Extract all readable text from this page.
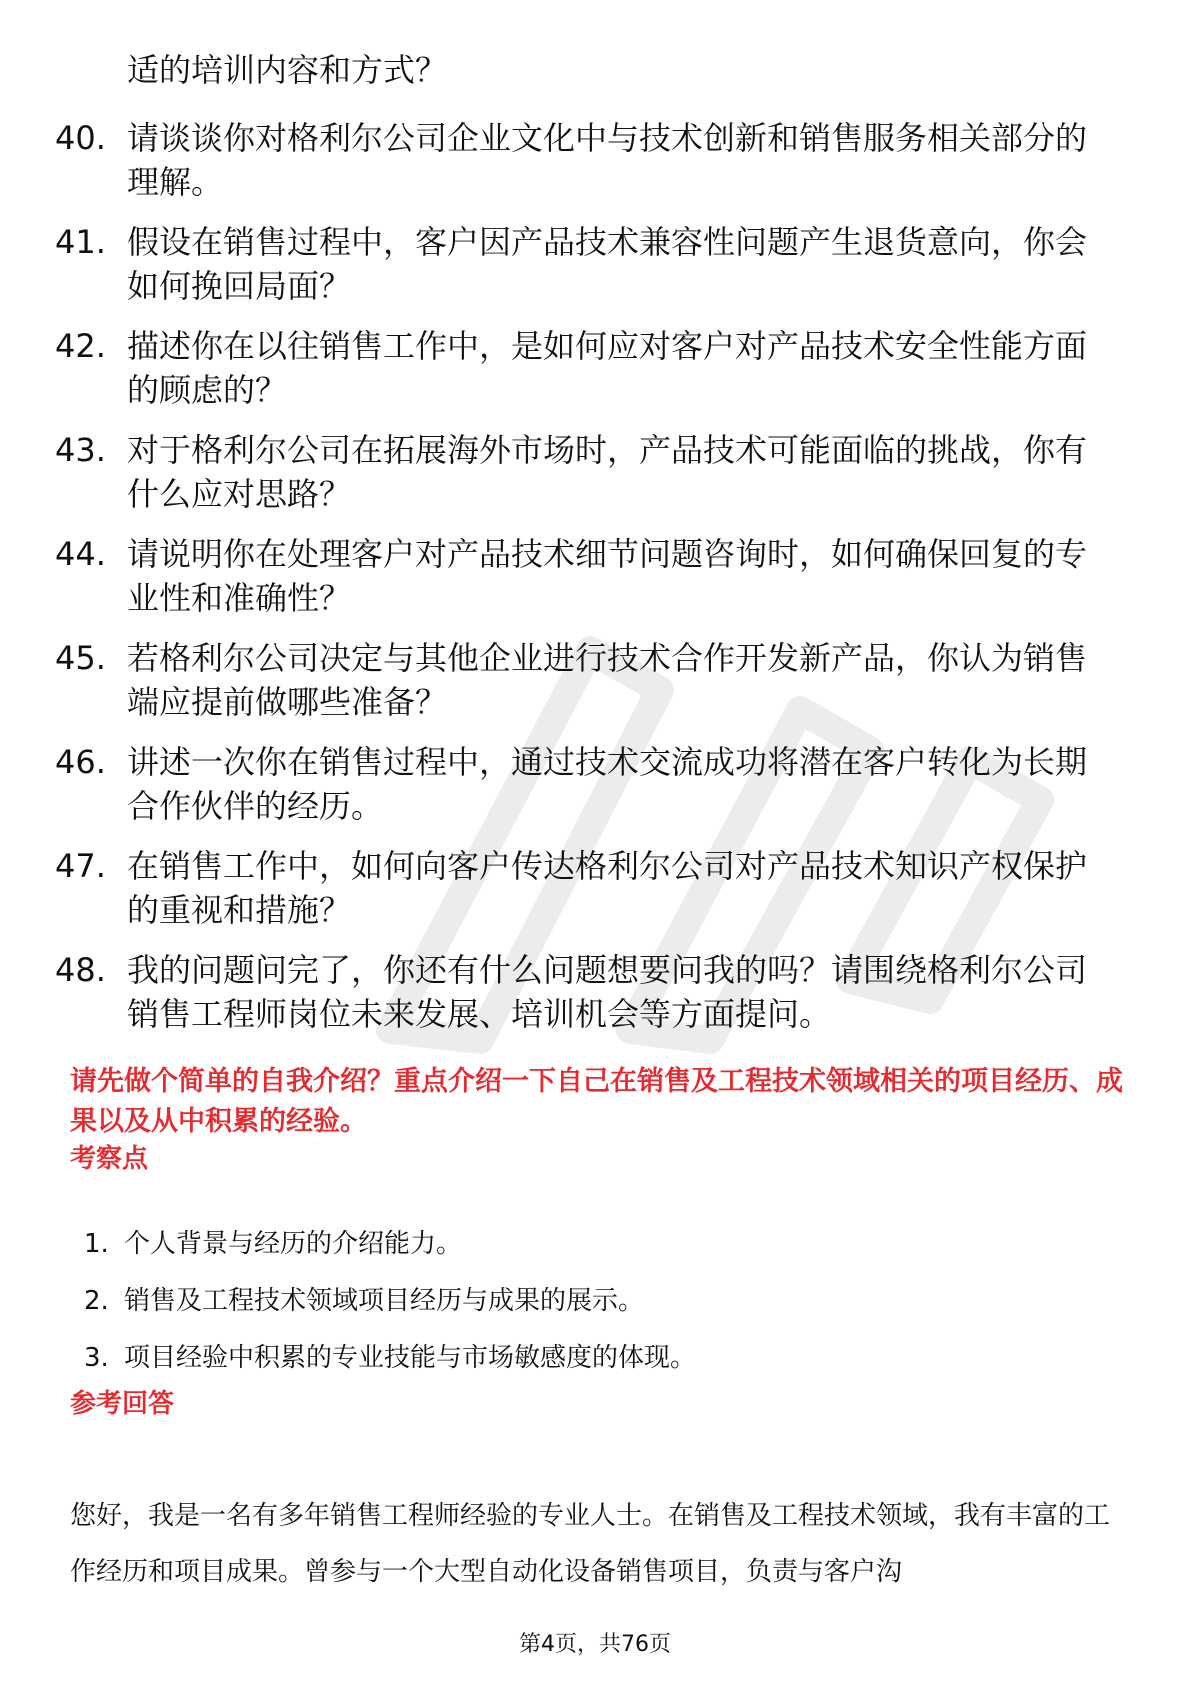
适的培训内容和方式？

40. 请谈谈你对格利尔公司企业文化中与技术创新和销售服务相关部分的理解。
41. 假设在销售过程中，客户因产品技术兼容性问题产生退货意向，你会如何挽回局面？
42. 描述你在以往销售工作中，是如何应对客户对产品技术安全性能方面的顾虑的？
43. 对于格利尔公司在拓展海外市场时，产品技术可能面临的挑战，你有什么应对思路？
44. 请说明你在处理客户对产品技术细节问题咨询时，如何确保回复的专业性和准确性？
45. 若格利尔公司决定与其他企业进行技术合作开发新产品，你认为销售端应提前做哪些准备？
46. 讲述一次你在销售过程中，通过技术交流成功将潜在客户转化为长期合作伙伴的经历。
47. 在销售工作中，如何向客户传达格利尔公司对产品技术知识产权保护的重视和措施？
48. 我的问题问完了，你还有什么问题想要问我的吗？请围绕格利尔公司销售工程师岗位未来发展、培训机会等方面提问。

请先做个简单的自我介绍？重点介绍一下自己在销售及工程技术领域相关的项目经历、成果以及从中积累的经验。

考察点
1. 个人背景与经历的介绍能力。
2. 销售及工程技术领域项目经历与成果的展示。
3. 项目经验中积累的专业技能与市场敏感度的体现。
参考回答

您好，我是一名有多年销售工程师经验的专业人士。在销售及工程技术领域，我有丰富的工作经历和项目成果。曾参与一个大型自动化设备销售项目，负责与客户沟

第4页，共76页
